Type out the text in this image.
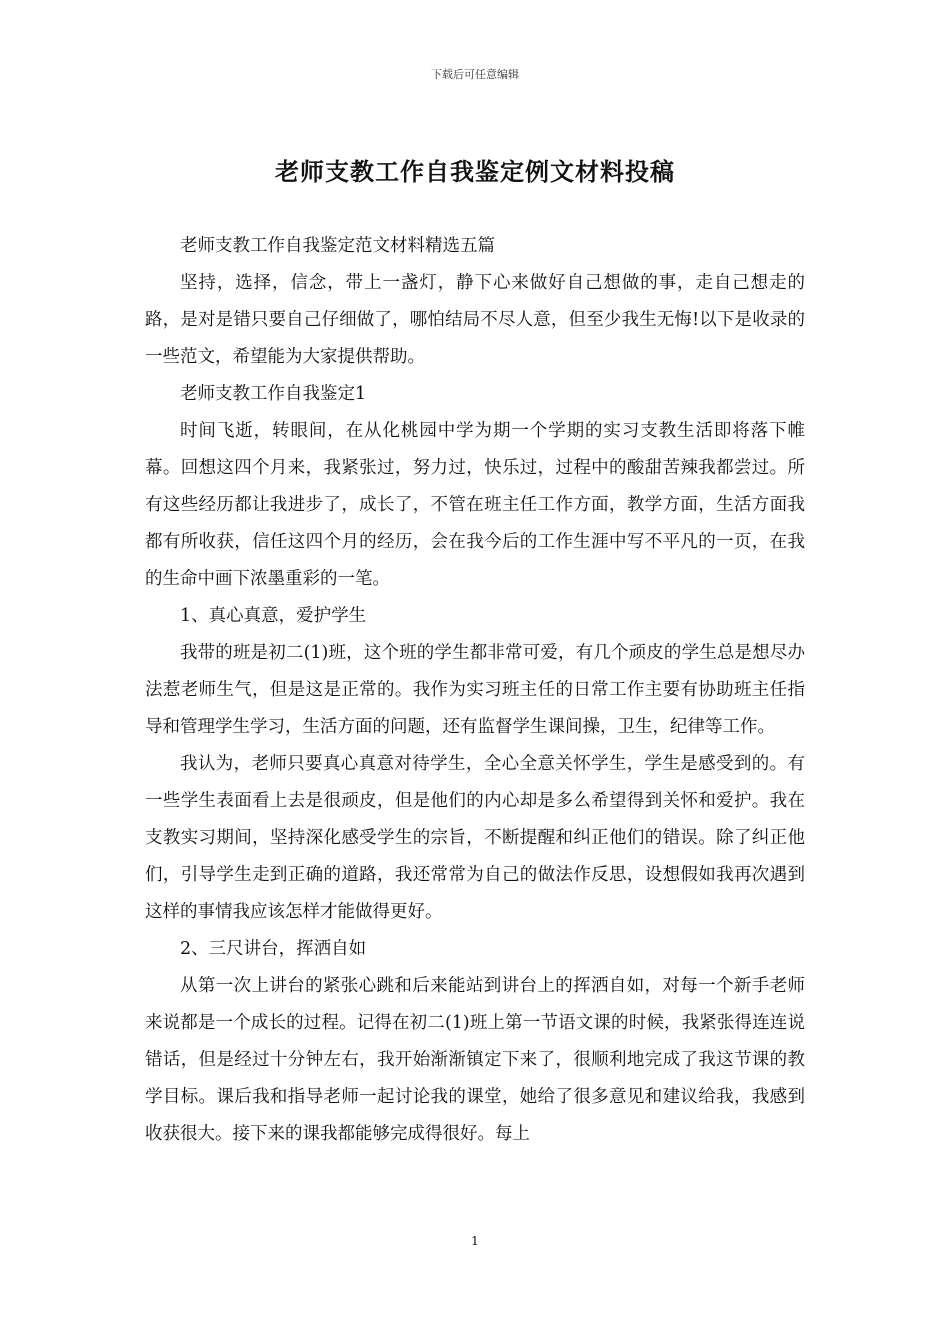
下载后可任意编辑
老师支教工作自我鉴定例文材料投稿

老师支教工作自我鉴定范文材料精选五篇

坚持，选择，信念，带上一盏灯，静下心来做好自己想做的事，走自己想走的路，是对是错只要自己仔细做了，哪怕结局不尽人意，但至少我生无悔!以下是收录的一些范文，希望能为大家提供帮助。

老师支教工作自我鉴定1

时间飞逝，转眼间，在从化桃园中学为期一个学期的实习支教生活即将落下帷幕。回想这四个月来，我紧张过，努力过，快乐过，过程中的酸甜苦辣我都尝过。所有这些经历都让我进步了，成长了，不管在班主任工作方面，教学方面，生活方面我都有所收获，信任这四个月的经历，会在我今后的工作生涯中写不平凡的一页，在我的生命中画下浓墨重彩的一笔。

1、真心真意，爱护学生

我带的班是初二(1)班，这个班的学生都非常可爱，有几个顽皮的学生总是想尽办法惹老师生气，但是这是正常的。我作为实习班主任的日常工作主要有协助班主任指导和管理学生学习，生活方面的问题，还有监督学生课间操，卫生，纪律等工作。

我认为，老师只要真心真意对待学生，全心全意关怀学生，学生是感受到的。有一些学生表面看上去是很顽皮，但是他们的内心却是多么希望得到关怀和爱护。我在支教实习期间，坚持深化感受学生的宗旨，不断提醒和纠正他们的错误。除了纠正他们，引导学生走到正确的道路，我还常常为自己的做法作反思，设想假如我再次遇到这样的事情我应该怎样才能做得更好。

2、三尺讲台，挥洒自如

从第一次上讲台的紧张心跳和后来能站到讲台上的挥洒自如，对每一个新手老师来说都是一个成长的过程。记得在初二(1)班上第一节语文课的时候，我紧张得连连说错话，但是经过十分钟左右，我开始渐渐镇定下来了，很顺利地完成了我这节课的教学目标。课后我和指导老师一起讨论我的课堂，她给了很多意见和建议给我，我感到收获很大。接下来的课我都能够完成得很好。每上

1
